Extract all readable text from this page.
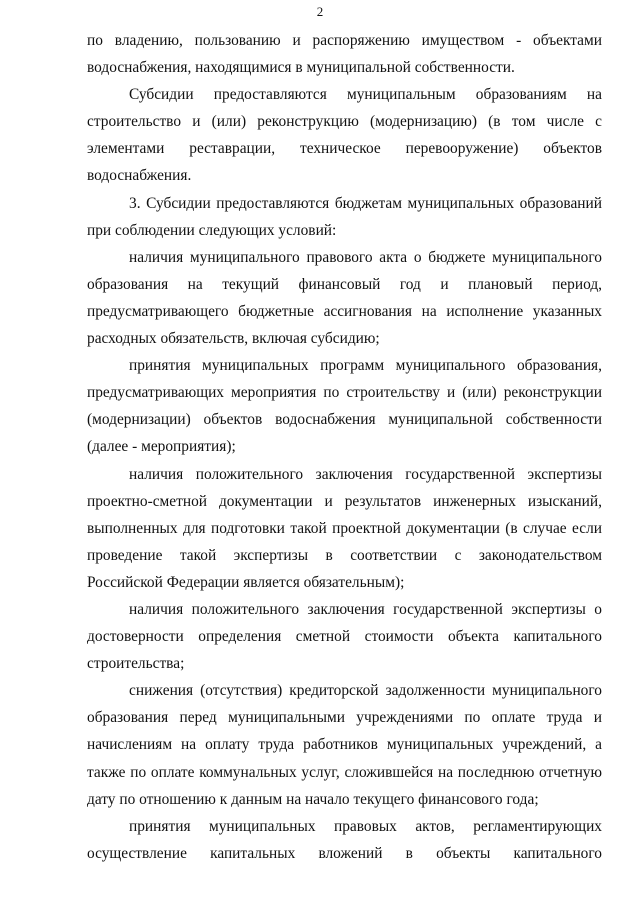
2

по владению, пользованию и распоряжению имуществом - объектами
водоснабжения, находящимися в муниципальной собственности.

Субсидии предоставляются муниципальным образованиям на
строительство и (или) реконструкцию (модернизацию) (в том числе с
элементами реставрации, техническое перевооружение) объектов
водоснабжения.

3. Субсидии предоставляются бюджетам муниципальных образований
при соблюдении следующих условий:

наличия муниципального правового акта о бюджете муниципального
образования на текущий финансовый год и плановый период,
предусматривающего бюджетные ассигнования на исполнение указанных
расходных обязательств, включая субсидию;

принятия муниципальных программ муниципального образования,
предусматривающих мероприятия по строительству и (или) реконструкции
(модернизации) объектов водоснабжения муниципальной собственности
(далее - мероприятия);

наличия положительного заключения государственной экспертизы
проектно-сметной документации и результатов инженерных изысканий,
выполненных для подготовки такой проектной документации (в случае если
проведение такой экспертизы в соответствии с законодательством
Российской Федерации является обязательным);

наличия положительного заключения государственной экспертизы о
достоверности определения сметной стоимости объекта капитального
строительства;

снижения (отсутствия) кредиторской задолженности муниципального
образования перед муниципальными учреждениями по оплате труда и
начислениям на оплату труда работников муниципальных учреждений, а
также по оплате коммунальных услуг, сложившейся на последнюю отчетную
дату по отношению к данным на начало текущего финансового года;

принятия муниципальных правовых актов, регламентирующих
осуществление капитальных вложений в объекты капитального
